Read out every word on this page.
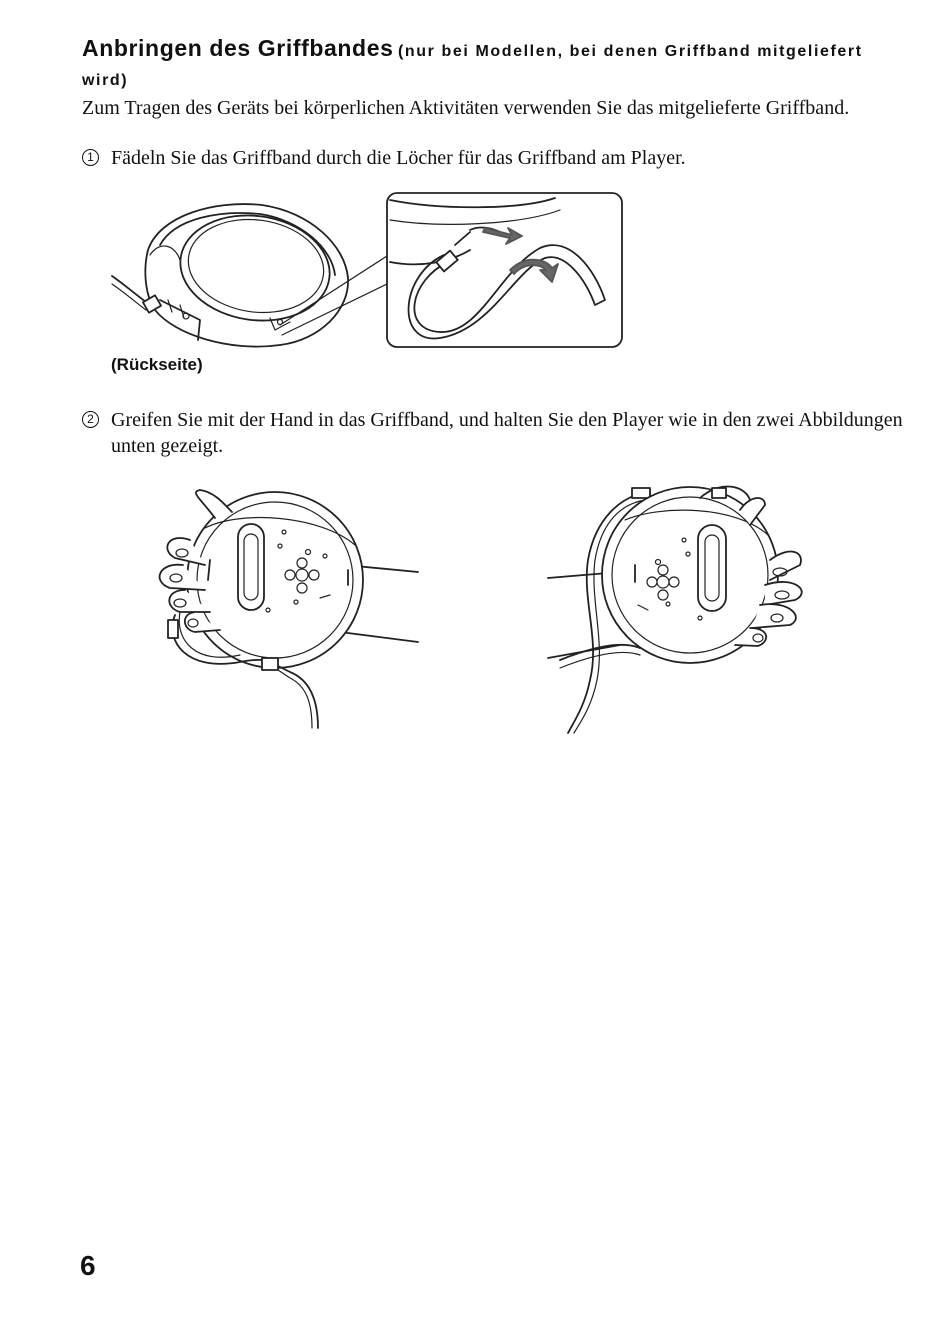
Anbringen des Griffbandes (nur bei Modellen, bei denen Griffband mitgeliefert wird)
Zum Tragen des Geräts bei körperlichen Aktivitäten verwenden Sie das mitgelieferte Griffband.
1 Fädeln Sie das Griffband durch die Löcher für das Griffband am Player.
(Rückseite)
2 Greifen Sie mit der Hand in das Griffband, und halten Sie den Player wie in den zwei Abbildungen unten gezeigt.
6
